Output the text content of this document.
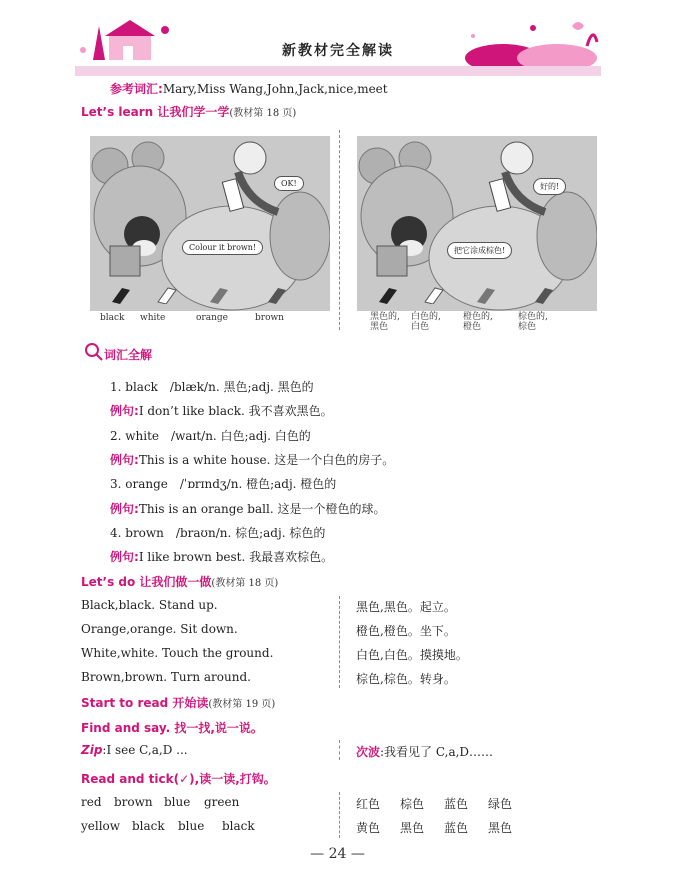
新教材完全解读
参考词汇:Mary,Miss Wang,John,Jack,nice,meet
Let’s learn 让我们学一学(教材第 18 页)
OK!
Colour it brown!
black white	orange	brown
好的!
把它涂成棕色!
黑色的,
黑色
白色的,
白色
橙色的,
橙色
棕色的,
棕色
词汇全解
1. black　/blæk/n. 黑色;adj. 黑色的
例句:I don’t like black. 我不喜欢黑色。
2. white　/waɪt/n. 白色;adj. 白色的
例句:This is a white house. 这是一个白色的房子。
3. orange　/ˈɒrɪndʒ/n. 橙色;adj. 橙色的
例句:This is an orange ball. 这是一个橙色的球。
4. brown　/braʊn/n. 棕色;adj. 棕色的
例句:I like brown best. 我最喜欢棕色。
Let’s do 让我们做一做(教材第 18 页)
Black,black. Stand up.	黑色,黑色。起立。
Orange,orange. Sit down.	橙色,橙色。坐下。
White,white. Touch the ground.	白色,白色。摸摸地。
Brown,brown. Turn around.	棕色,棕色。转身。
Start to read 开始读(教材第 19 页)
Find and say. 找一找,说一说。
Zip:I see C,a,D ...	次波:我看见了 C,a,D……
Read and tick(✓),读一读,打钩。
red brown blue green	红色 棕色 蓝色 绿色
yellow black blue black	黄色 黑色 蓝色 黑色
— 24 —
